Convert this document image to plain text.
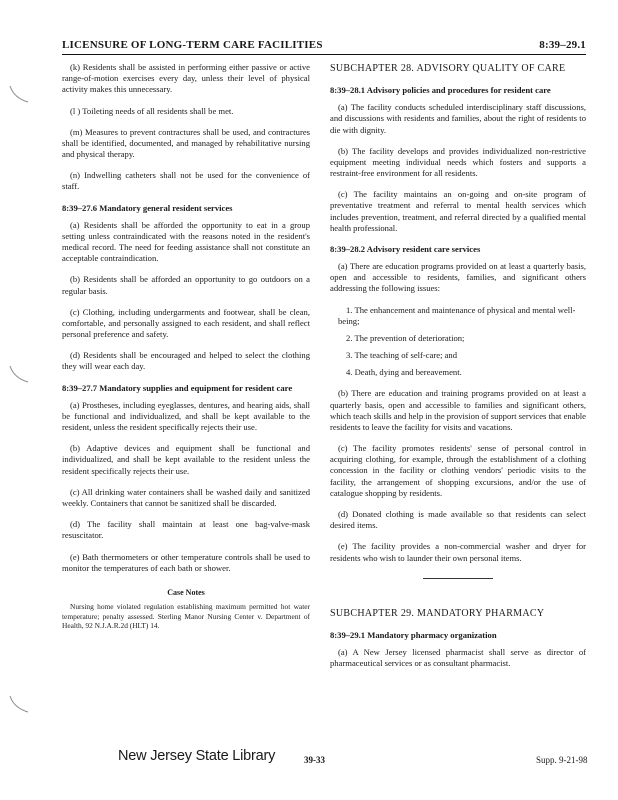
LICENSURE OF LONG-TERM CARE FACILITIES	8:39–29.1

(k) Residents shall be assisted in performing either passive or active range-of-motion exercises every day, unless their level of physical activity makes this unnecessary.

(l ) Toileting needs of all residents shall be met.

(m) Measures to prevent contractures shall be used, and contractures shall be identified, documented, and managed by rehabilitative nursing and physical therapy.

(n) Indwelling catheters shall not be used for the convenience of staff.

8:39–27.6 Mandatory general resident services

(a) Residents shall be afforded the opportunity to eat in a group setting unless contraindicated with the reasons noted in the resident's medical record. The need for feeding assistance shall not constitute an acceptable contraindication.

(b) Residents shall be afforded an opportunity to go outdoors on a regular basis.

(c) Clothing, including undergarments and footwear, shall be clean, comfortable, and personally assigned to each resident, and shall reflect personal preference and safety.

(d) Residents shall be encouraged and helped to select the clothing they will wear each day.

8:39–27.7 Mandatory supplies and equipment for resident care

(a) Prostheses, including eyeglasses, dentures, and hearing aids, shall be functional and individualized, and shall be kept available to the resident, unless the resident specifically rejects their use.

(b) Adaptive devices and equipment shall be functional and individualized, and shall be kept available to the resident unless the resident specifically rejects their use.

(c) All drinking water containers shall be washed daily and sanitized weekly. Containers that cannot be sanitized shall be discarded.

(d) The facility shall maintain at least one bag-valve-mask resuscitator.

(e) Bath thermometers or other temperature controls shall be used to monitor the temperatures of each bath or shower.

Case Notes

Nursing home violated regulation establishing maximum permitted hot water temperature; penalty assessed. Sterling Manor Nursing Center v. Department of Health, 92 N.J.A.R.2d (HLT) 14.

SUBCHAPTER 28. ADVISORY QUALITY OF CARE
8:39–28.1 Advisory policies and procedures for resident care

(a) The facility conducts scheduled interdisciplinary staff discussions, and discussions with residents and families, about the right of residents to die with dignity.

(b) The facility develops and provides individualized non-restrictive equipment meeting individual needs which fosters and supports a restraint-free environment for all residents.

(c) The facility maintains an on-going and on-site program of preventative treatment and referral to mental health services which includes prevention, treatment, and referral directed by a qualified mental health professional.

8:39–28.2 Advisory resident care services

(a) There are education programs provided on at least a quarterly basis, open and accessible to residents, families, and significant others addressing the following issues:

1. The enhancement and maintenance of physical and mental well-being;
2. The prevention of deterioration;
3. The teaching of self-care; and
4. Death, dying and bereavement.

(b) There are education and training programs provided on at least a quarterly basis, open and accessible to families and significant others, which teach skills and help in the provision of support services that enable residents to leave the facility for visits and vacations.

(c) The facility promotes residents' sense of personal control in acquiring clothing, for example, through the establishment of a clothing concession in the facility or clothing vendors' periodic visits to the facility, the arrangement of shopping excursions, and/or the use of catalogue shopping by residents.

(d) Donated clothing is made available so that residents can select desired items.

(e) The facility provides a non-commercial washer and dryer for residents who wish to launder their own personal items.

SUBCHAPTER 29. MANDATORY PHARMACY
8:39–29.1 Mandatory pharmacy organization

(a) A New Jersey licensed pharmacist shall serve as director of pharmaceutical services or as consultant pharmacist.

New Jersey State Library	39-33	Supp. 9-21-98
